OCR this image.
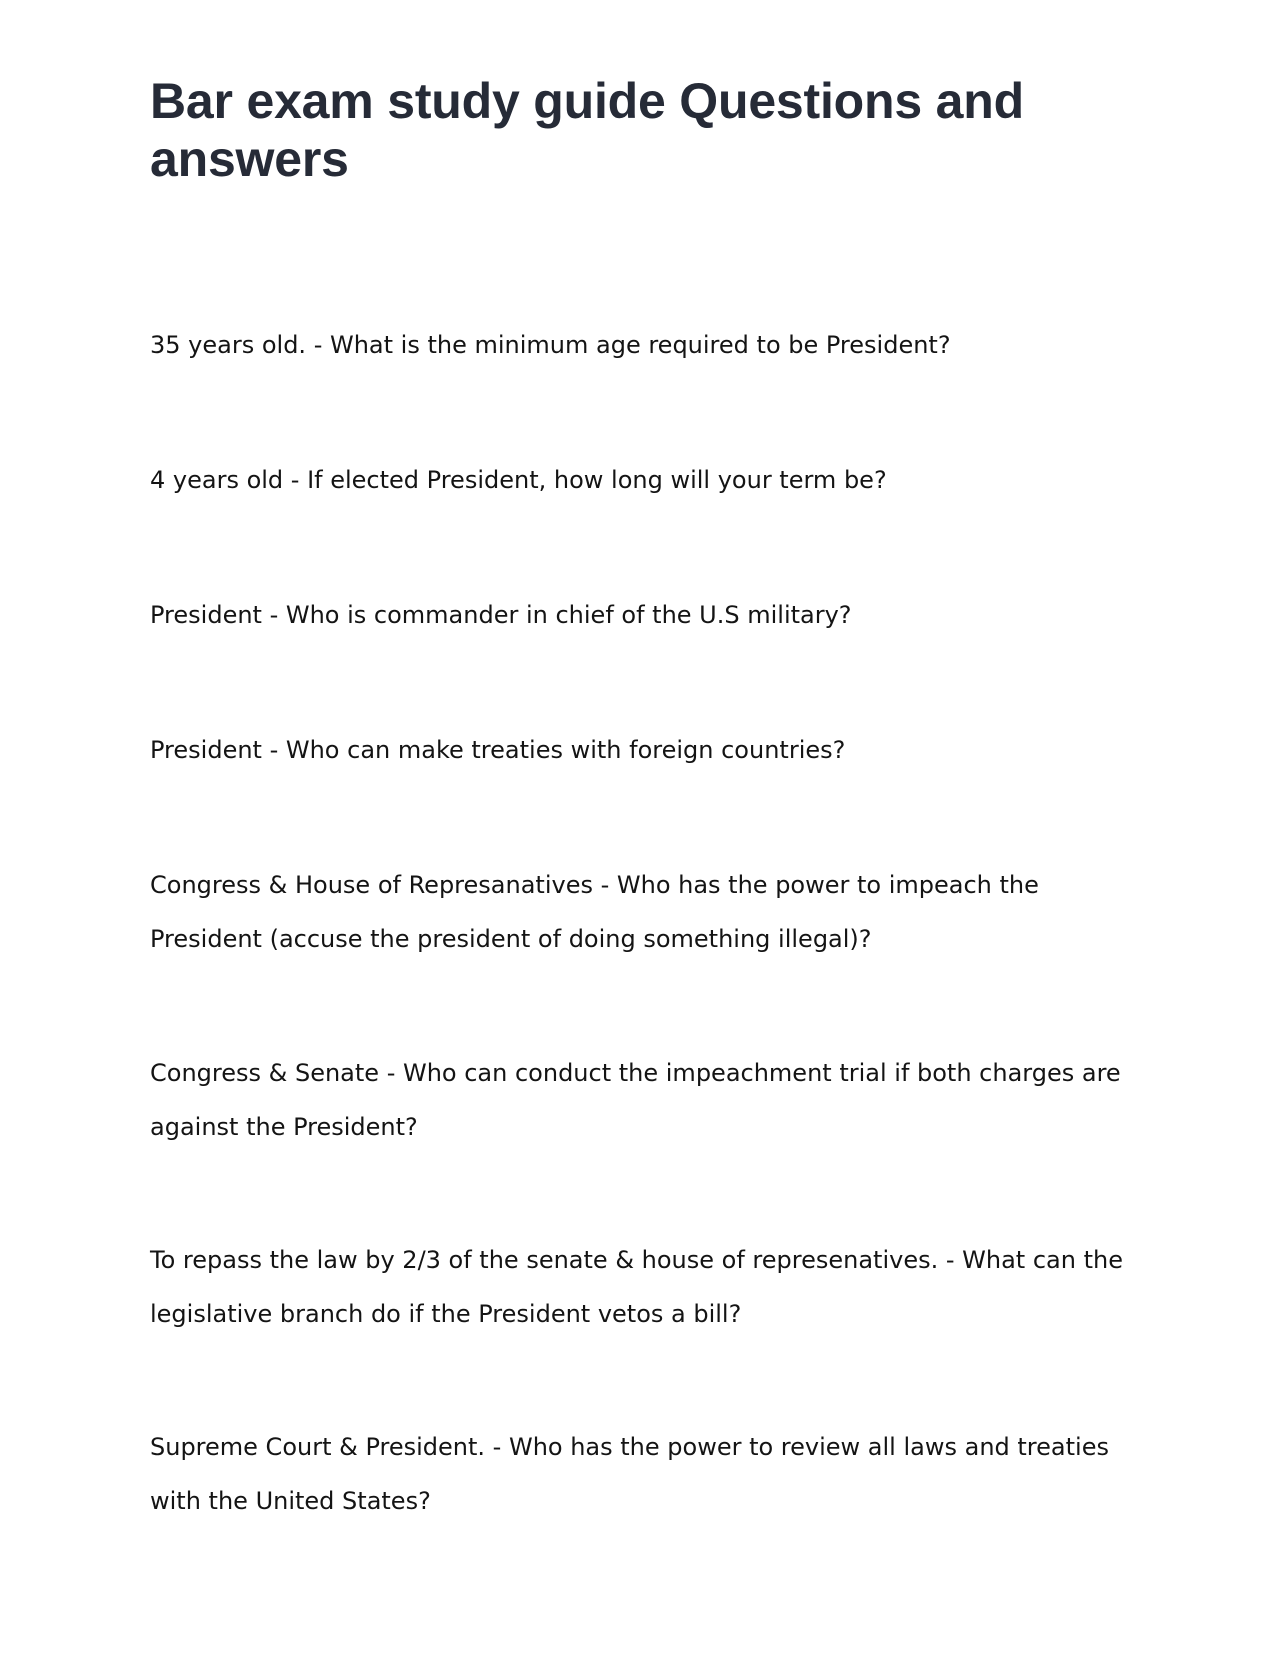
Bar exam study guide Questions and answers
35 years old. - What is the minimum age required to be President?
4 years old - If elected President, how long will your term be?
President - Who is commander in chief of the U.S military?
President - Who can make treaties with foreign countries?
Congress & House of Represanatives - Who has the power to impeach the President (accuse the president of doing something illegal)?
Congress & Senate - Who can conduct the impeachment trial if both charges are against the President?
To repass the law by 2/3 of the senate & house of represenatives. - What can the legislative branch do if the President vetos a bill?
Supreme Court & President. - Who has the power to review all laws and treaties with the United States?
